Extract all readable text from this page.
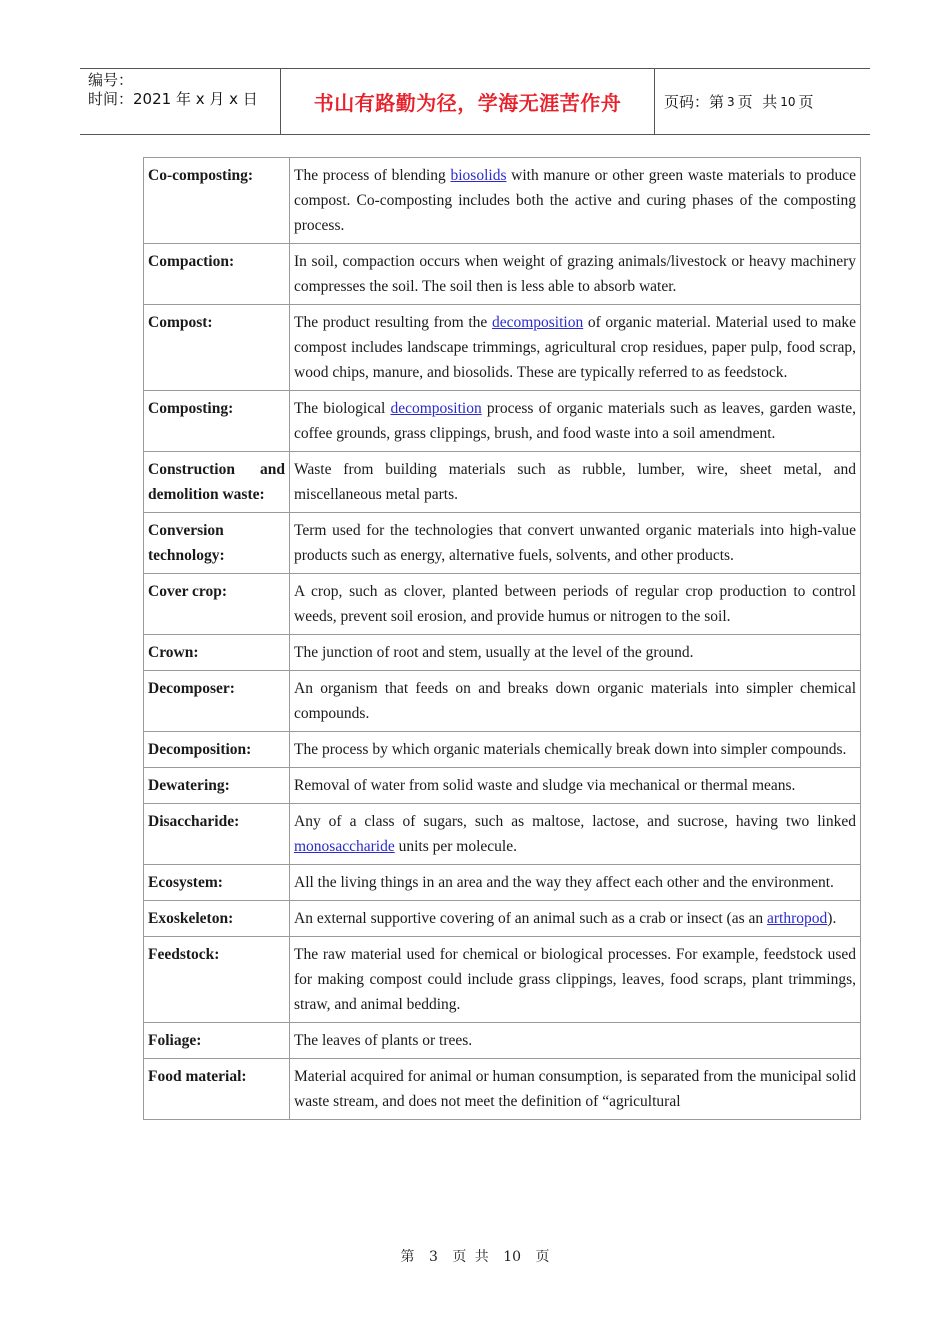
编号：
时间：2021 年 x 月 x 日	书山有路勤为径，学海无涯苦作舟	页码：第 3 页  共 10 页
Co-composting:	The process of blending biosolids with manure or other green waste materials to produce compost. Co-composting includes both the active and curing phases of the composting process.
Compaction:	In soil, compaction occurs when weight of grazing animals/livestock or heavy machinery compresses the soil. The soil then is less able to absorb water.
Compost:	The product resulting from the decomposition of organic material. Material used to make compost includes landscape trimmings, agricultural crop residues, paper pulp, food scrap, wood chips, manure, and biosolids. These are typically referred to as feedstock.
Composting:	The biological decomposition process of organic materials such as leaves, garden waste, coffee grounds, grass clippings, brush, and food waste into a soil amendment.
Construction and demolition waste:	Waste from building materials such as rubble, lumber, wire, sheet metal, and miscellaneous metal parts.
Conversion technology:	Term used for the technologies that convert unwanted organic materials into high-value products such as energy, alternative fuels, solvents, and other products.
Cover crop:	A crop, such as clover, planted between periods of regular crop production to control weeds, prevent soil erosion, and provide humus or nitrogen to the soil.
Crown:	The junction of root and stem, usually at the level of the ground.
Decomposer:	An organism that feeds on and breaks down organic materials into simpler chemical compounds.
Decomposition:	The process by which organic materials chemically break down into simpler compounds.
Dewatering:	Removal of water from solid waste and sludge via mechanical or thermal means.
Disaccharide:	Any of a class of sugars, such as maltose, lactose, and sucrose, having two linked monosaccharide units per molecule.
Ecosystem:	All the living things in an area and the way they affect each other and the environment.
Exoskeleton:	An external supportive covering of an animal such as a crab or insect (as an arthropod).
Feedstock:	The raw material used for chemical or biological processes. For example, feedstock used for making compost could include grass clippings, leaves, food scraps, plant trimmings, straw, and animal bedding.
Foliage:	The leaves of plants or trees.
Food material:	Material acquired for animal or human consumption, is separated from the municipal solid waste stream, and does not meet the definition of “agricultural
第 3 页 共 10 页
